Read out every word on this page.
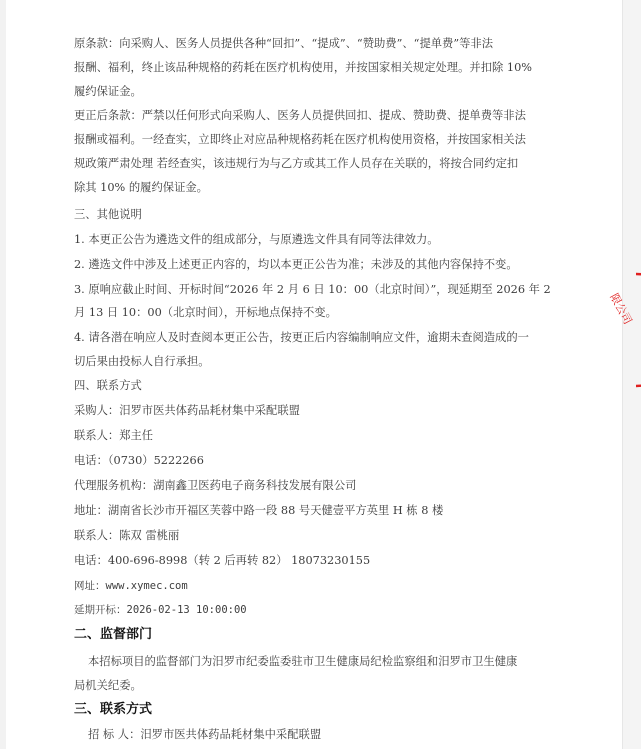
原条款：向采购人、医务人员提供各种“回扣”、“提成”、“赞助费”、“提单费”等非法
报酬、福利，终止该品种规格的药耗在医疗机构使用，并按国家相关规定处理。并扣除 10%
履约保证金。
更正后条款：严禁以任何形式向采购人、医务人员提供回扣、提成、赞助费、提单费等非法
报酬或福利。一经查实，立即终止对应品种规格药耗在医疗机构使用资格，并按国家相关法
规政策严肃处理 若经查实，该违规行为与乙方或其工作人员存在关联的，将按合同约定扣
除其 10% 的履约保证金。
三、其他说明
1. 本更正公告为遴选文件的组成部分，与原遴选文件具有同等法律效力。
2. 遴选文件中涉及上述更正内容的，均以本更正公告为准；未涉及的其他内容保持不变。
3. 原响应截止时间、开标时间“2026 年 2 月 6 日 10：00（北京时间）”，现延期至 2026 年 2
月 13 日 10：00（北京时间），开标地点保持不变。
4. 请各潜在响应人及时查阅本更正公告，按更正后内容编制响应文件，逾期未查阅造成的一
切后果由投标人自行承担。
四、联系方式
采购人：汨罗市医共体药品耗材集中采配联盟
联系人：郑主任
电话：（0730）5222266
代理服务机构：湖南鑫卫医药电子商务科技发展有限公司
地址：湖南省长沙市开福区芙蓉中路一段 88 号天健壹平方英里 H 栋 8 楼
联系人：陈双 雷桃丽
电话：400-696-8998（转 2 后再转 82） 18073230155
网址：www.xymec.com
延期开标：2026-02-13 10:00:00
二、监督部门
本招标项目的监督部门为汨罗市纪委监委驻市卫生健康局纪检监察组和汨罗市卫生健康
局机关纪委。
三、联系方式
招 标 人：汨罗市医共体药品耗材集中采配联盟
限公司
